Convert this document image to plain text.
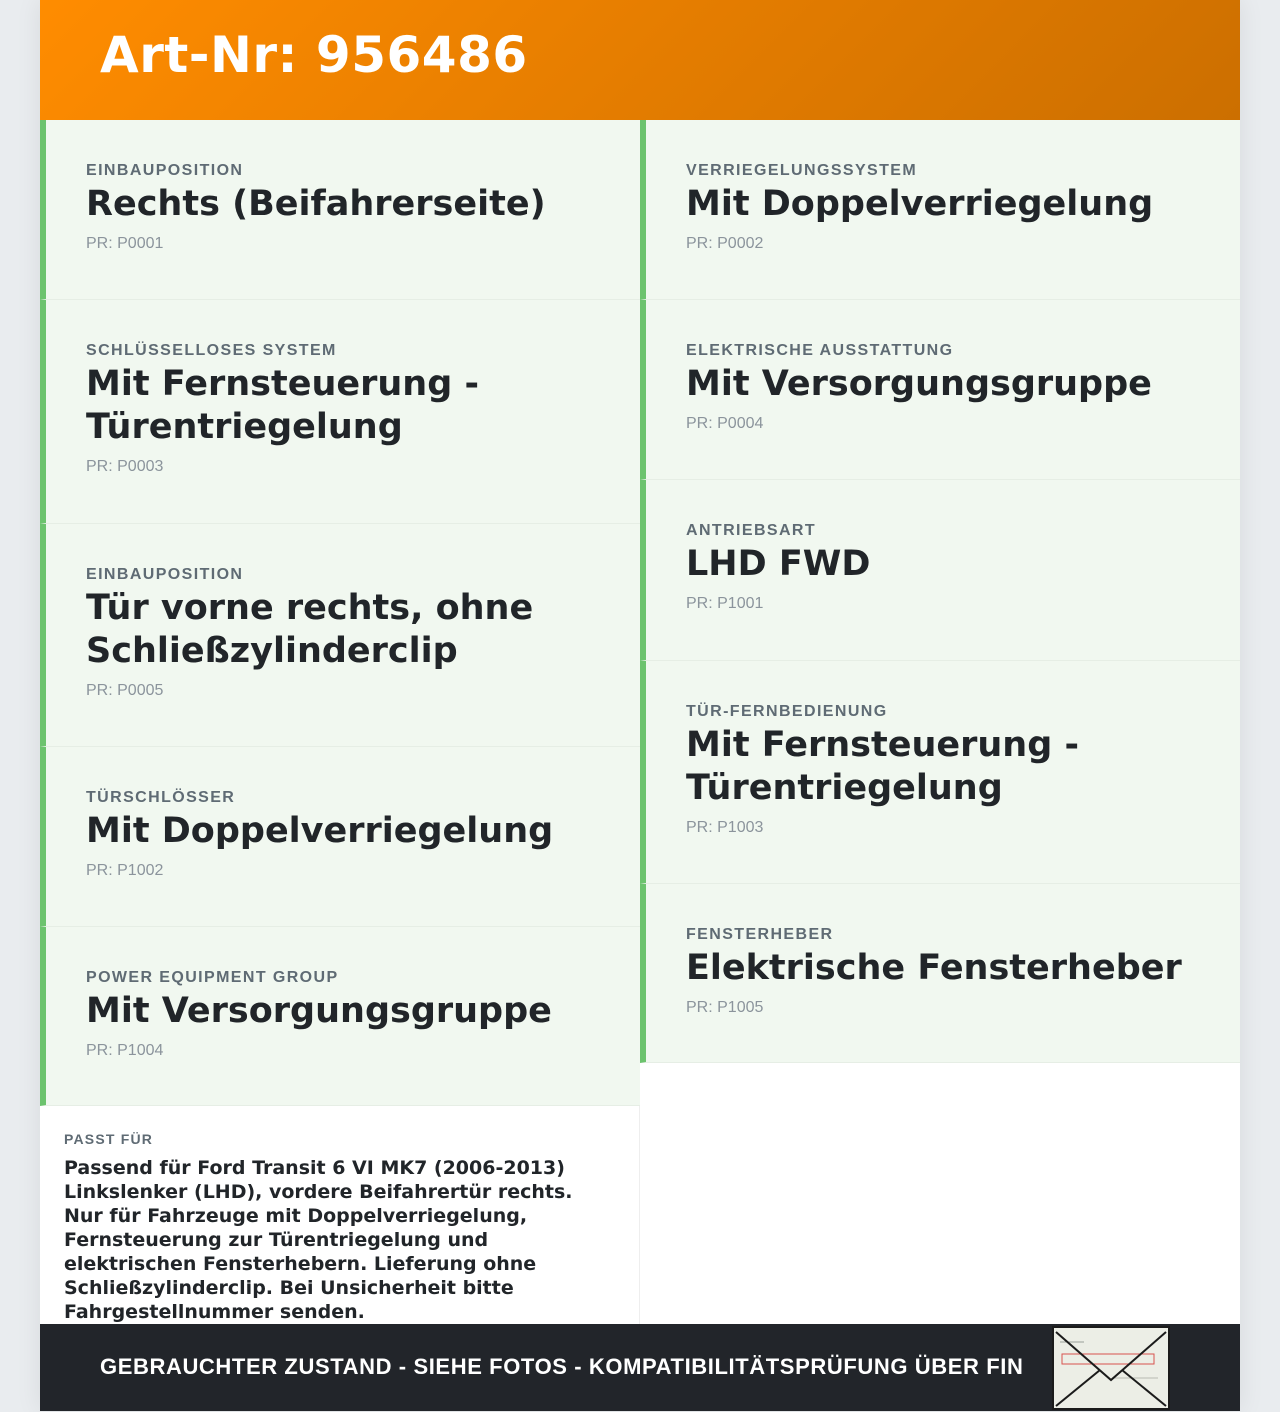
Art-Nr: 956486
EINBAUPOSITION
Rechts (Beifahrerseite)
PR: P0001
SCHLÜSSELLOSES SYSTEM
Mit Fernsteuerung - Türentriegelung
PR: P0003
EINBAUPOSITION
Tür vorne rechts, ohne Schließzylinderclip
PR: P0005
TÜRSCHLÖSSER
Mit Doppelverriegelung
PR: P1002
POWER EQUIPMENT GROUP
Mit Versorgungsgruppe
PR: P1004
VERRIEGELUNGSSYSTEM
Mit Doppelverriegelung
PR: P0002
ELEKTRISCHE AUSSTATTUNG
Mit Versorgungsgruppe
PR: P0004
ANTRIEBSART
LHD FWD
PR: P1001
TÜR-FERNBEDIENUNG
Mit Fernsteuerung - Türentriegelung
PR: P1003
FENSTERHEBER
Elektrische Fensterheber
PR: P1005
PASST FÜR
Passend für Ford Transit 6 VI MK7 (2006-2013) Linkslenker (LHD), vordere Beifahrertür rechts. Nur für Fahrzeuge mit Doppelverriegelung, Fernsteuerung zur Türentriegelung und elektrischen Fensterhebern. Lieferung ohne Schließzylinderclip. Bei Unsicherheit bitte Fahrgestellnummer senden.
GEBRAUCHTER ZUSTAND - SIEHE FOTOS - KOMPATIBILITÄTSPRÜFUNG ÜBER FIN
